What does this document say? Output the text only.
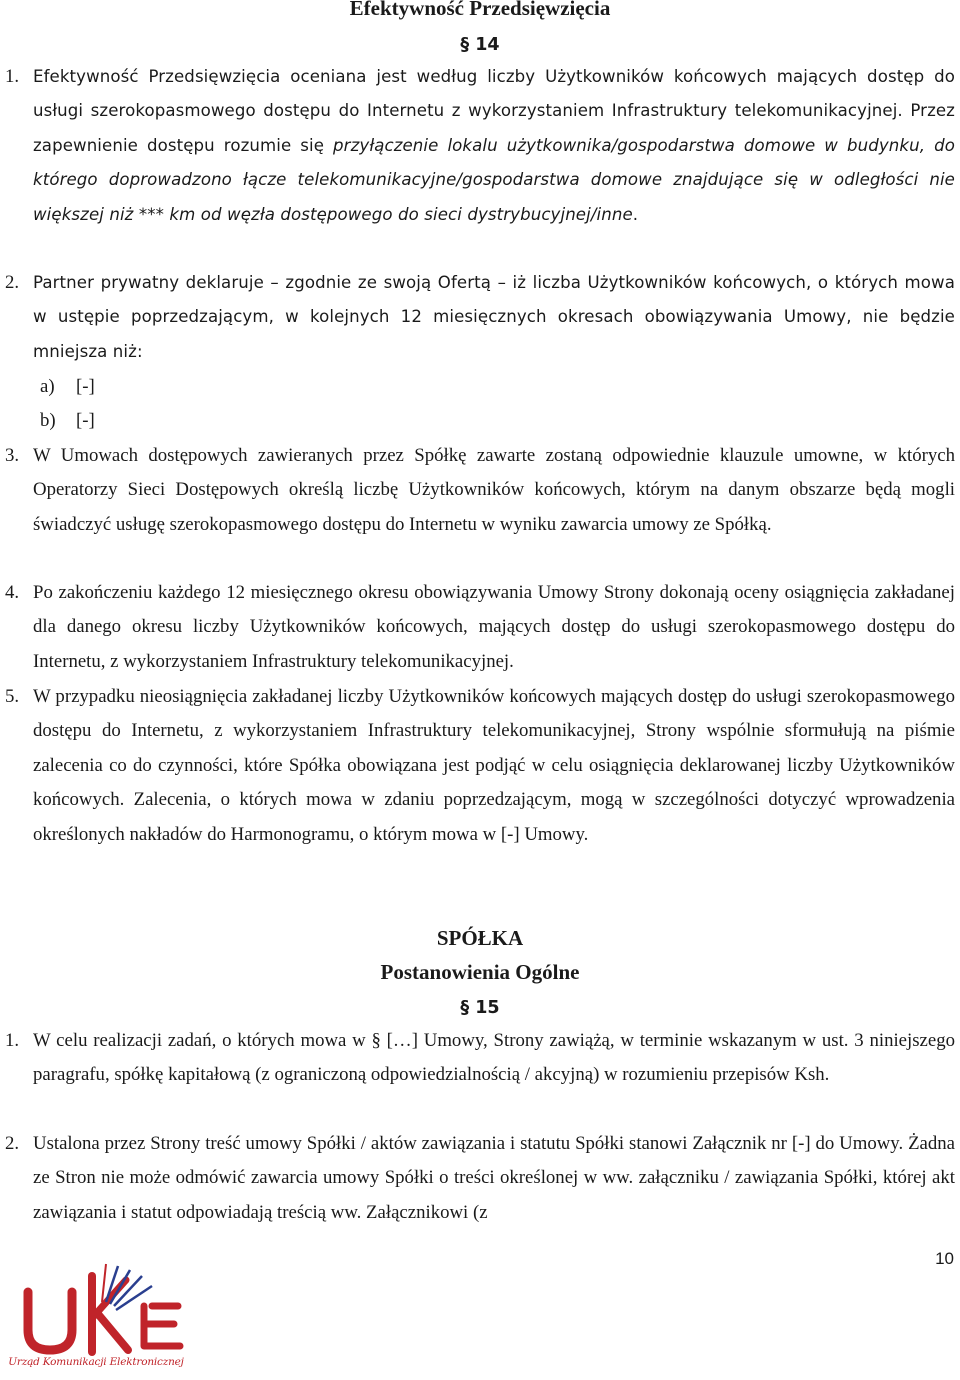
Efektywność Przedsięwzięcia
§ 14
1. Efektywność Przedsięwzięcia oceniana jest według liczby Użytkowników końcowych mających dostęp do usługi szerokopasmowego dostępu do Internetu z wykorzystaniem Infrastruktury telekomunikacyjnej. Przez zapewnienie dostępu rozumie się przyłączenie lokalu użytkownika/gospodarstwa domowe w budynku, do którego doprowadzono łącze telekomunikacyjne/gospodarstwa domowe znajdujące się w odległości nie większej niż *** km od węzła dostępowego do sieci dystrybucyjnej/inne.
2. Partner prywatny deklaruje – zgodnie ze swoją Ofertą – iż liczba Użytkowników końcowych, o których mowa w ustępie poprzedzającym, w kolejnych 12 miesięcznych okresach obowiązywania Umowy, nie będzie mniejsza niż:
a) [-]
b) [-]
3. W Umowach dostępowych zawieranych przez Spółkę zawarte zostaną odpowiednie klauzule umowne, w których Operatorzy Sieci Dostępowych określą liczbę Użytkowników końcowych, którym na danym obszarze będą mogli świadczyć usługę szerokopasmowego dostępu do Internetu w wyniku zawarcia umowy ze Spółką.
4. Po zakończeniu każdego 12 miesięcznego okresu obowiązywania Umowy Strony dokonają oceny osiągnięcia zakładanej dla danego okresu liczby Użytkowników końcowych, mających dostęp do usługi szerokopasmowego dostępu do Internetu, z wykorzystaniem Infrastruktury telekomunikacyjnej.
5. W przypadku nieosiągnięcia zakładanej liczby Użytkowników końcowych mających dostęp do usługi szerokopasmowego dostępu do Internetu, z wykorzystaniem Infrastruktury telekomunikacyjnej, Strony wspólnie sformułują na piśmie zalecenia co do czynności, które Spółka obowiązana jest podjąć w celu osiągnięcia deklarowanej liczby Użytkowników końcowych. Zalecenia, o których mowa w zdaniu poprzedzającym, mogą w szczególności dotyczyć wprowadzenia określonych nakładów do Harmonogramu, o którym mowa w [-] Umowy.
SPÓŁKA
Postanowienia Ogólne
§ 15
1. W celu realizacji zadań, o których mowa w § […] Umowy, Strony zawiążą, w terminie wskazanym w ust. 3 niniejszego paragrafu, spółkę kapitałową (z ograniczoną odpowiedzialnością / akcyjną) w rozumieniu przepisów Ksh.
2. Ustalona przez Strony treść umowy Spółki / aktów zawiązania i statutu Spółki stanowi Załącznik nr [-] do Umowy. Żadna ze Stron nie może odmówić zawarcia umowy Spółki o treści określonej w ww. załączniku / zawiązania Spółki, której akt zawiązania i statut odpowiadają treścią ww. Załącznikowi (z
10
Urząd Komunikacji Elektronicznej
